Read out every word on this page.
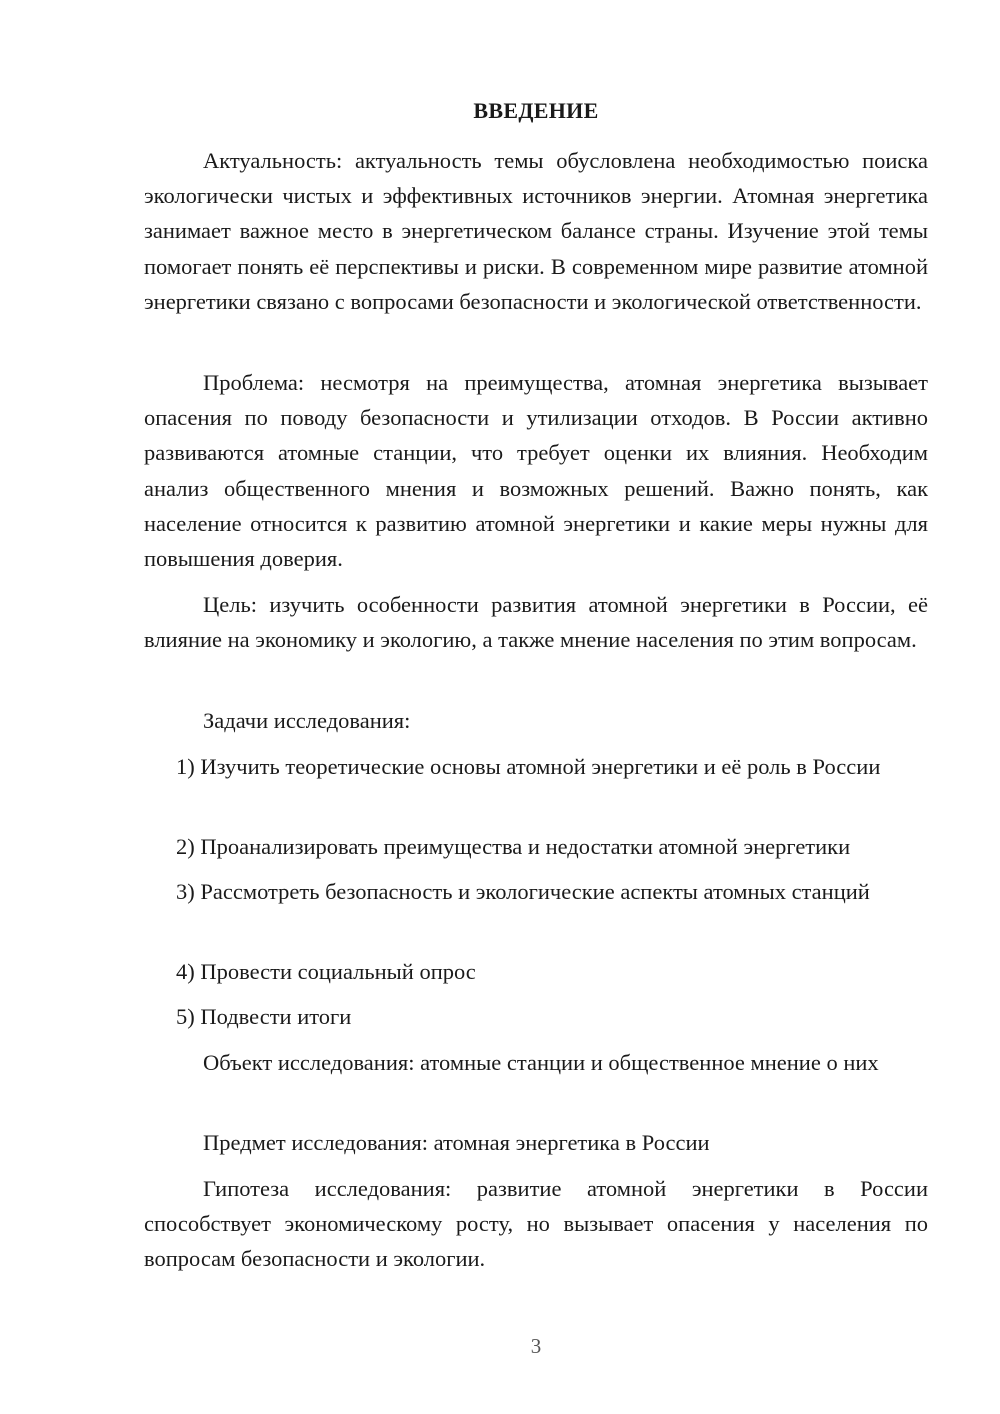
ВВЕДЕНИЕ

Актуальность: актуальность темы обусловлена необходимостью поиска экологически чистых и эффективных источников энергии. Атомная энергетика занимает важное место в энергетическом балансе страны. Изучение этой темы помогает понять её перспективы и риски. В современном мире развитие атомной энергетики связано с вопросами безопасности и экологической ответственности.

Проблема: несмотря на преимущества, атомная энергетика вызывает опасения по поводу безопасности и утилизации отходов. В России активно развиваются атомные станции, что требует оценки их влияния. Необходим анализ общественного мнения и возможных решений. Важно понять, как население относится к развитию атомной энергетики и какие меры нужны для повышения доверия.

Цель: изучить особенности развития атомной энергетики в России, её влияние на экономику и экологию, а также мнение населения по этим вопросам.

Задачи исследования:

1) Изучить теоретические основы атомной энергетики и её роль в России

2) Проанализировать преимущества и недостатки атомной энергетики

3) Рассмотреть безопасность и экологические аспекты атомных станций

4) Провести социальный опрос

5) Подвести итоги

Объект исследования: атомные станции и общественное мнение о них

Предмет исследования: атомная энергетика в России

Гипотеза исследования: развитие атомной энергетики в России способствует экономическому росту, но вызывает опасения у населения по вопросам безопасности и экологии.

3
